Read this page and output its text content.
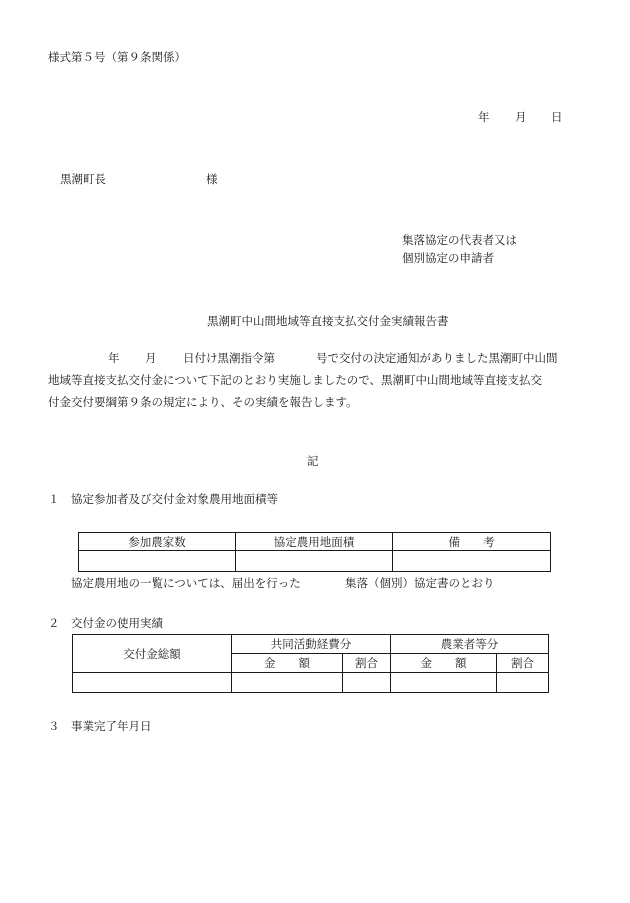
様式第５号（第９条関係）
年 月 日
黒潮町長	様
集落協定の代表者又は
個別協定の申請者
黒潮町中山間地域等直接支払交付金実績報告書
年 月 日付け黒潮指令第	号で交付の決定通知がありました黒潮町中山間
地域等直接支払交付金について下記のとおり実施しましたので、黒潮町中山間地域等直接支払交
付金交付要綱第９条の規定により、その実績を報告します。
記
１ 協定参加者及び交付金対象農用地面積等
参加農家数	協定農用地面積	備　　考

協定農用地の一覧については、届出を行った	集落（個別）協定書のとおり
２ 交付金の使用実績
交付金総額	共同活動経費分		農業者等分	
	金　　額	割合	金　　額	割合

３ 事業完了年月日
